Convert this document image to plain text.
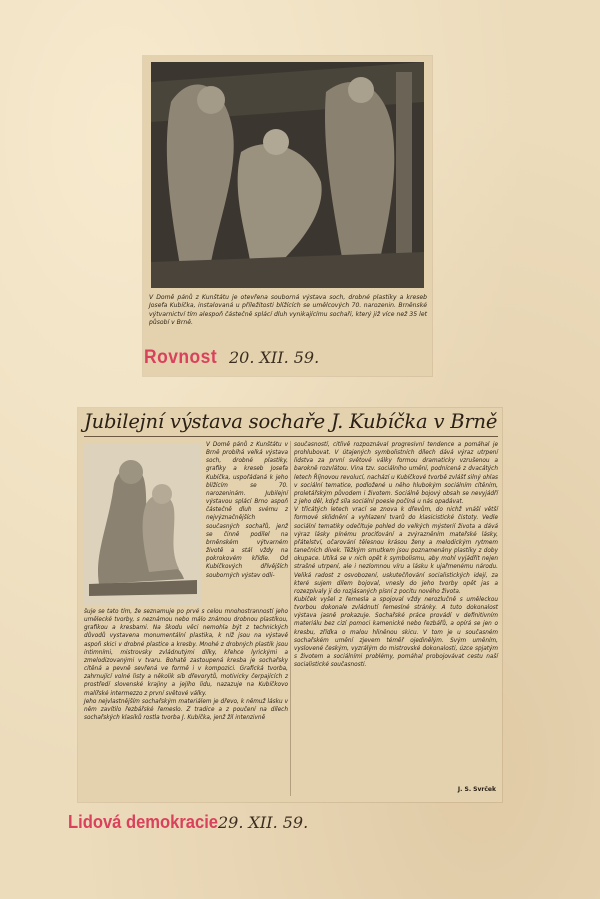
V Domě pánů z Kunštátu je otevřena souborná výstava soch, drobné plastiky a kreseb Josefa Kubíčka, instalovaná u příležitosti blížících se umělcových 70. narozenin. Brněnské výtvarnictví tím alespoň částečně splácí dluh vynikajícímu sochaři, který již více než 35 let působí v Brně.
Rovnost 20. XII. 59.
Jubilejní výstava sochaře J. Kubíčka v Brně
V Domě pánů z Kunštátu v Brně probíhá velká výstava soch, drobné plastiky, grafiky a kreseb Josefa Kubíčka, uspořádaná k jeho blížícím se 70. narozeninám. Jubilejní výstavou splácí Brno aspoň částečně dluh svému z nejvýznačnějších současných sochařů, jenž se činně podílel na brněnském výtvarném životě a stál vždy na pokrokovém křídle. Od Kubíčkových dřívějších souborných výstav odli-
šuje se tato tím, že seznamuje po prvé s celou mnohostranností jeho umělecké tvorby, s neznámou nebo málo známou drobnou plastikou, grafikou a kresbami. Na škodu věci nemohla být z technických důvodů vystavena monumentální plastika, k níž jsou na výstavě aspoň skici v drobné plastice a kresby. Mnohé z drobných plastik jsou intimními, mistrovsky zvládnutými dílky, křehce lyrickými a zmelodizovanými v tvaru. Bohatě zastoupená kresba je sochařsky cítěná a pevně sevřená ve formě i v kompozici. Grafická tvorba, zahrnující volné listy a několik sib dřevorytů, motivicky čerpajících z prostředí slovenské krajiny a jejího lidu, nazazuje na Kubíčkovo malířské intermezzo z první světové války.
Jeho nejvlastnějším sochařským materiálem je dřevo, k němuž lásku v něm zavítilo řezbářské řemeslo. Z tradice a z poučení na dílech sochařských klasiků rostla tvorba J. Kubíčka, jenž žil intenzivně
současností, citlivě rozpoznával progresivní tendence a pomáhal je prohlubovat. V útajených symbolistních dílech dává výraz utrpení lidstva za první světové války formou dramaticky vzrušenou a barokně rozvlátou. Vina tzv. sociálního umění, podnícená z dvacátých letech Říjnovou revolucí, nachází u Kubíčkové tvorbě zvlášť silný ohlas v sociální tematice, podložené u něho hlubokým sociálním cítěním, proletářským původem i životem. Sociálně bojový obsah se nevyjádří z jeho děl, když síla sociální poesie počíná u nás opadávat.
V třicátých letech vrací se znova k dřevům, do nichž vnáší větší formové sklidnění a vyhlazení tvarů do klasicistické čistoty. Vedle sociální tematiky odečítuje pohled do velkých mýsterií života a dává výraz lásky pínému prociťování a zvýrazněním mateřské lásky, přátelství, očarování tělesnou krásou ženy a melodickým rytmem tanečních dívek. Těžkým smutkem jsou poznamenány plastiky z doby okupace. Utiká se v nich opět k symbolismu, aby mohl vyjádřit nejen strašné utrpení, ale i nezlomnou víru a lásku k ujařmenému národu. Veliká radost z osvobození, uskutečňování socialistických idejí, za které sujem dílem bojoval, vnesly do jeho tvorby opět jas a rozezpívaly ji do rozjásaných písní z pocitu nového života.
Kubíček vyšel z řemesla a spojoval vždy nerozlučně s uměleckou tvorbou dokonale zvládnutí řemeslné stránky. A tuto dokonalost výstava jasně prokazuje. Sochařské práce provádí v definitivním materiálu bez cizí pomoci kamenické nebo řezbářů, a opírá se jen o kresbu, zřídka o malou hliněnou skicu. V tom je u současném sochařském umění zjevem téměř ojedinělým. Svým uměním, vyslovené českým, vyzrálým do mistrovské dokonalosti, úzce spjatým s životem a sociálními problémy, pomáhal probojovávat cestu naší socialistické současnosti.
J. S. Svrček
Lidová demokracie 29. XII. 59.
